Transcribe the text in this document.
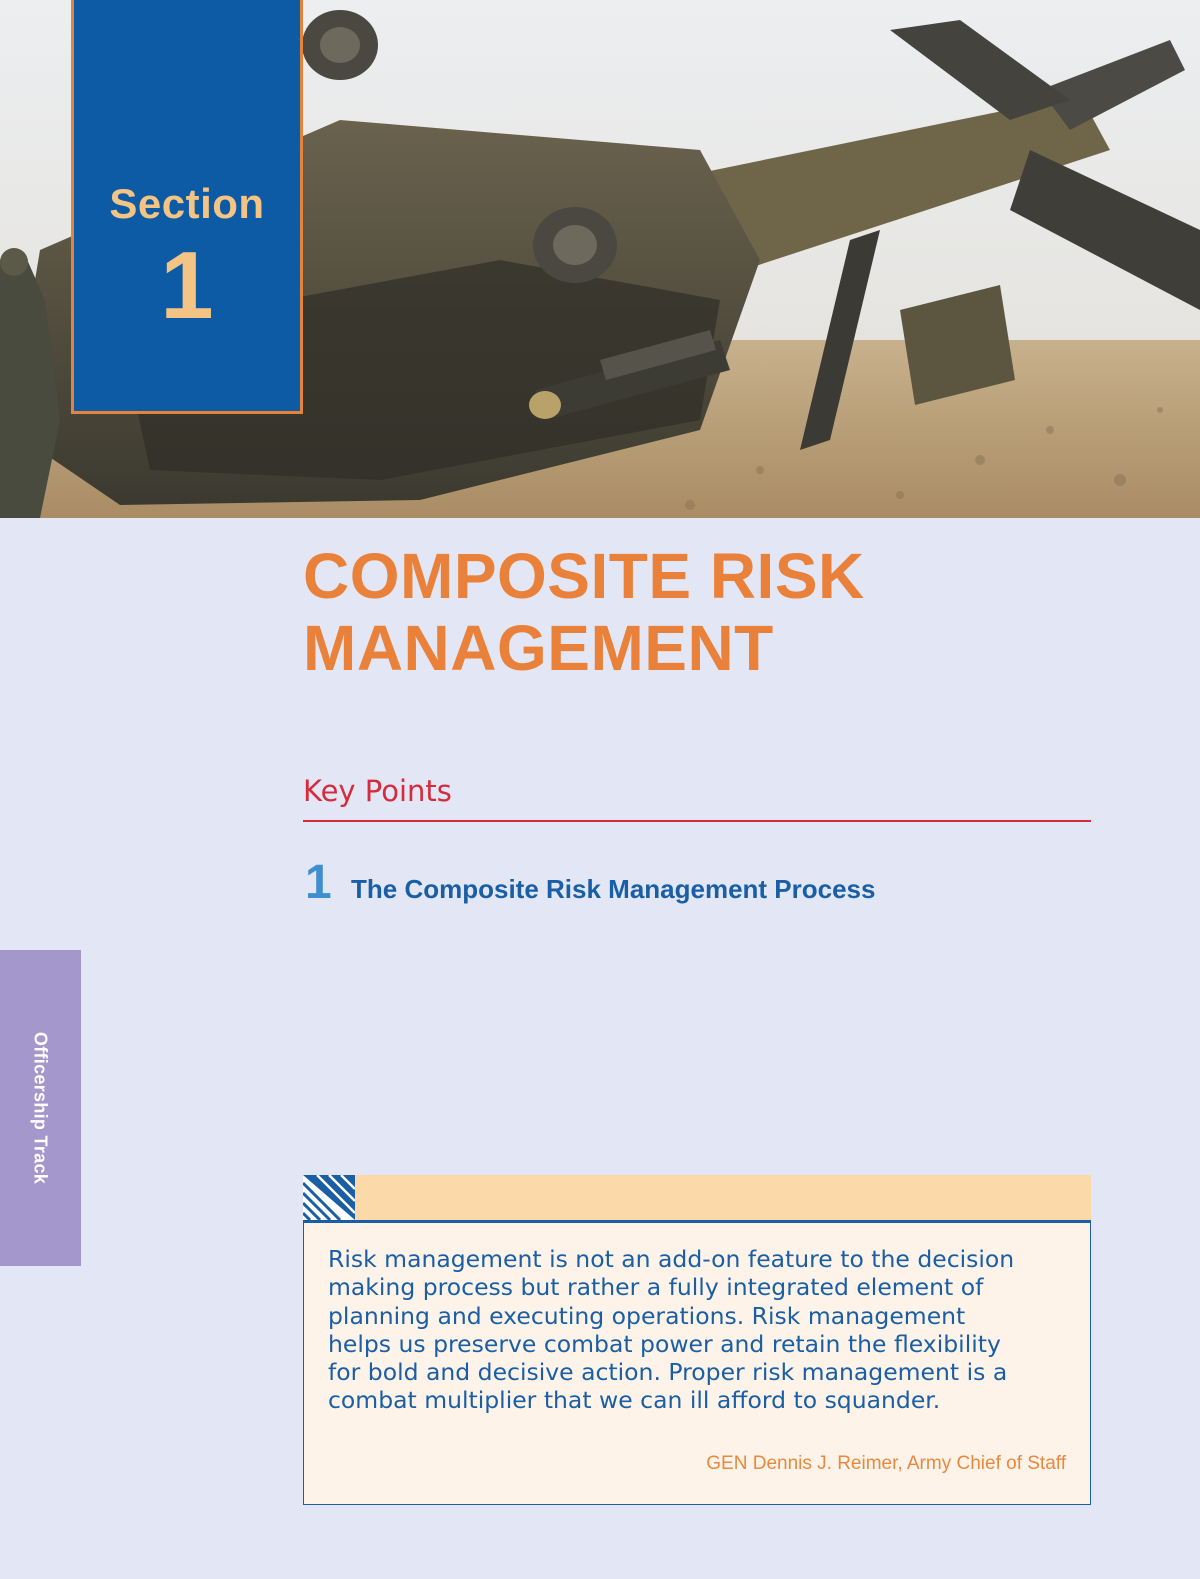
Section
1
COMPOSITE RISK
MANAGEMENT
Key Points
1 The Composite Risk Management Process
Officership Track

Risk management is not an add-on feature to the decision making process but rather a fully integrated element of planning and executing operations. Risk management helps us preserve combat power and retain the flexibility for bold and decisive action. Proper risk management is a combat multiplier that we can ill afford to squander.

GEN Dennis J. Reimer, Army Chief of Staff
